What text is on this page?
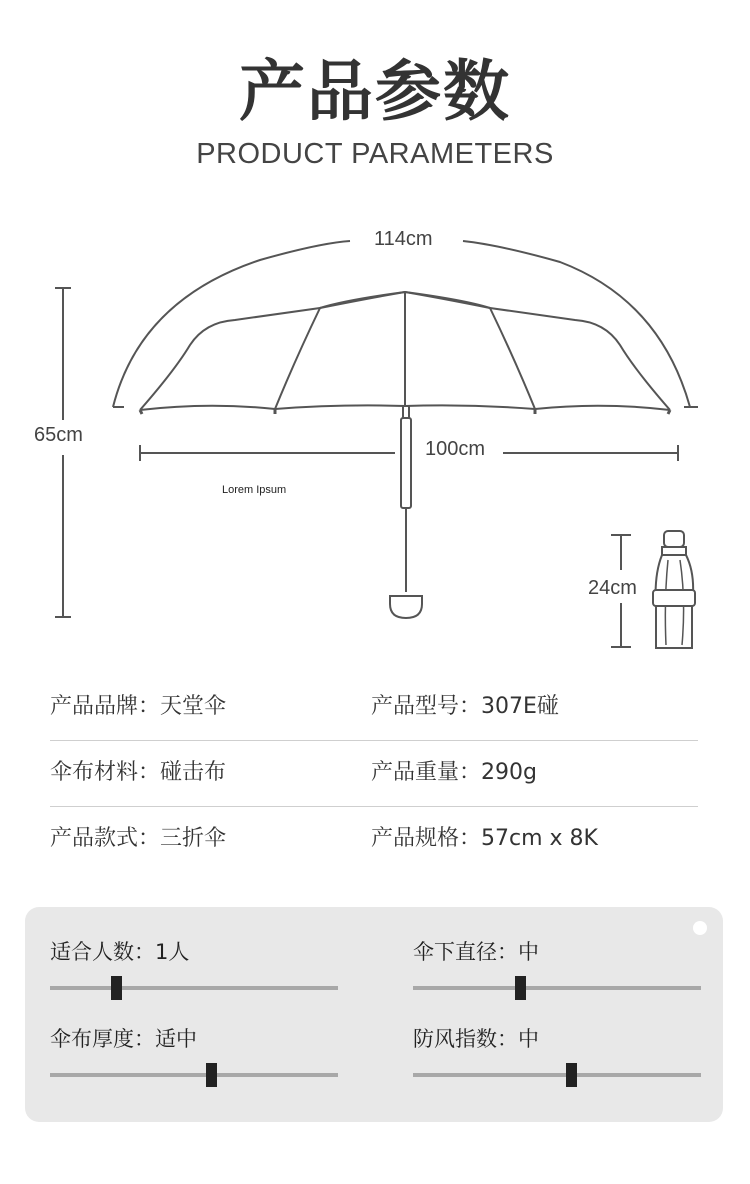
产品参数
PRODUCT PARAMETERS
114cm
100cm
65cm
24cm
Lorem Ipsum
产品品牌：天堂伞	产品型号：307E碰
伞布材料：碰击布	产品重量：290g
产品款式：三折伞	产品规格：57cm x 8K
适合人数：1人	伞下直径：中
伞布厚度：适中	防风指数：中
